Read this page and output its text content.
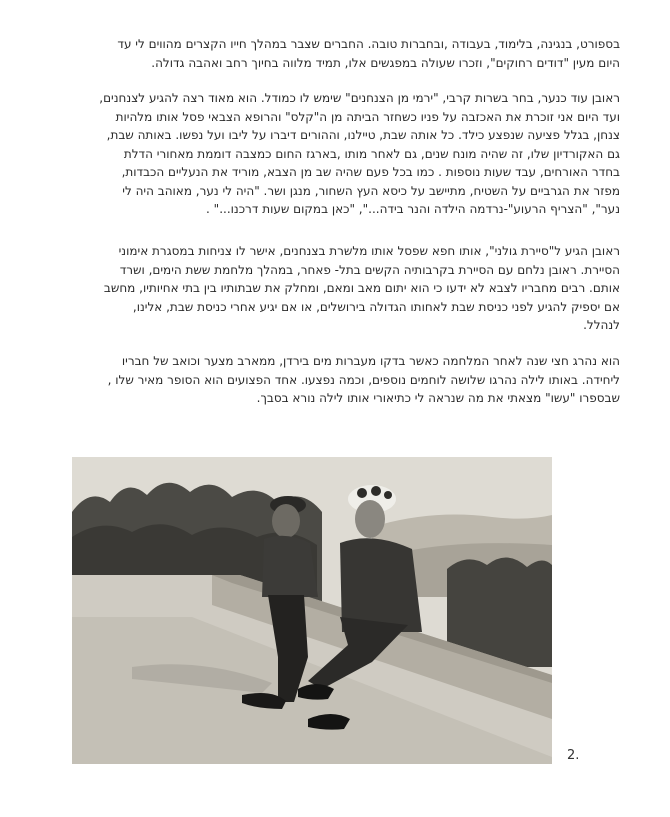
בספורט, בנגינה, בלימוד, בעבודה ,ובחברות טובה. החברים שצבר במהלך חייו הקצרים מהווים לי עד
היום מעין "דודים רחוקים", וזכרו שעולה במפגשים אלו, תמיד מלווה בחיוך רחב ואהבה גדולה.
ראובן עוד כנער, בחר בשרות קרבי, "ירמי מן הצנחנים" שימש לו כמודל. הוא מאוד רצה להגיע לצנחנים,
ועד היום אני זוכרת את האכזבה על פניו כשחזר הביתה מן ה"קלס" והרופא הצבאי פסל אותו מלהיות
צנחן, בגלל פציעה שנפצע כילד. כל אותה שבת, טיילנו, וההורים דיברו על ליבו ועל נפשו. באותה שבת,
גם האקורדיון שלו, זה שהיה מונח שנים, גם לאחר מותו ,בארגז החום כמצבה דוממת מאחורי הדלת
בחדר האורחים, עבד שעות נוספות . כמו בכל פעם שהיה שב מן הצבא, מוריד את הנעליים הכבדות,
מפזר את הגרביים על השטיח, מתיישב על כיסא העץ השחור, מנגן ושר. "היה לי נער, מאוהב היה לי
נער", "הצריף הרעוע"-נרדמה הילדה והנר בידה...", "כאן במקום שעות דרכנו..." .
ראובן הגיע ל"סיירת גולני", אותו חפא שפסל אותו מלשרת בצנחנים, אישר לו צניחות במסגרת אימוני
הסיירת. ראובן נלחם עם הסיירת בקרבותיה הקשים בתל- פאחר, במהלך מלחמת ששת הימים, ושרד
אותם. רבים מחבריו לצבא לא ידעו כי הוא יתום מאב ומאם, ומחלק את שבתותיו בין בתי אחיותיו, מחשב
אם יספיק להגיע לפני כניסת שבת לאחותו הגדולה בירושלים, או אם יגיע אחרי כניסת שבת, אלינו,
לנהלל.
הוא נהרג חצי שנה לאחר המלחמה כאשר בדקו מעברות מים בירדן, ממארב מצער וכואב של חבריו
ליחידה. באותו לילה נהרגו שלושה לוחמים נוספים, וכמה נפצעו. אחד הפצועים הוא הסופר מאיר שלו ,
שבספרו "עשו" מצאתי את מה שנראה לי כתיאורי אותו לילה נורא בסבך.
2.
